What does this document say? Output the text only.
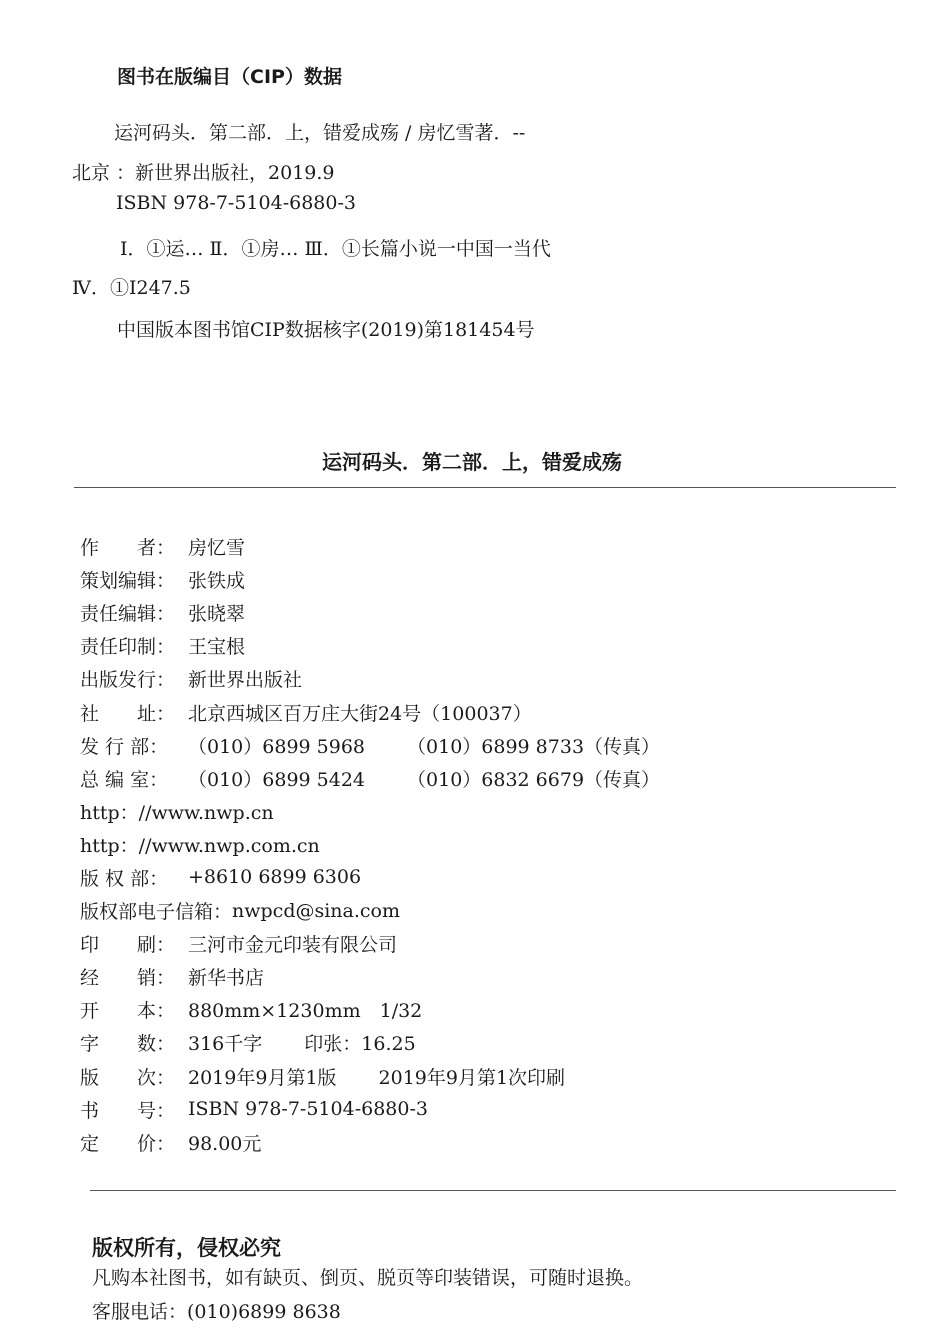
图书在版编目（CIP）数据
运河码头．第二部．上，错爱成殇 / 房忆雪著．--
北京 ：新世界出版社，2019.9
ISBN 978-7-5104-6880-3
Ⅰ．①运… Ⅱ．①房… Ⅲ．①长篇小说一中国一当代
Ⅳ．①I247.5
中国版本图书馆CIP数据核字(2019)第181454号
运河码头．第二部．上，错爱成殇
作　　者： 房忆雪
策划编辑： 张铁成
责任编辑： 张晓翠
责任印制： 王宝根
出版发行： 新世界出版社
社　　址： 北京西城区百万庄大街24号（100037）
发 行 部：	（010）6899 5968 （010）6899 8733（传真）
总 编 室：	（010）6899 5424 （010）6832 6679（传真）
http：//www.nwp.cn
http：//www.nwp.com.cn
版 权 部：	+8610 6899 6306
版权部电子信箱： nwpcd@sina.com
印　　刷： 三河市金元印装有限公司
经　　销： 新华书店
开　　本： 880mm×1230mm　1/32
字　　数： 316千字 印张：16.25
版　　次： 2019年9月第1版 2019年9月第1次印刷
书　　号： ISBN 978-7-5104-6880-3
定　　价： 98.00元
版权所有，侵权必究
凡购本社图书，如有缺页、倒页、脱页等印装错误，可随时退换。
客服电话：(010)6899 8638
